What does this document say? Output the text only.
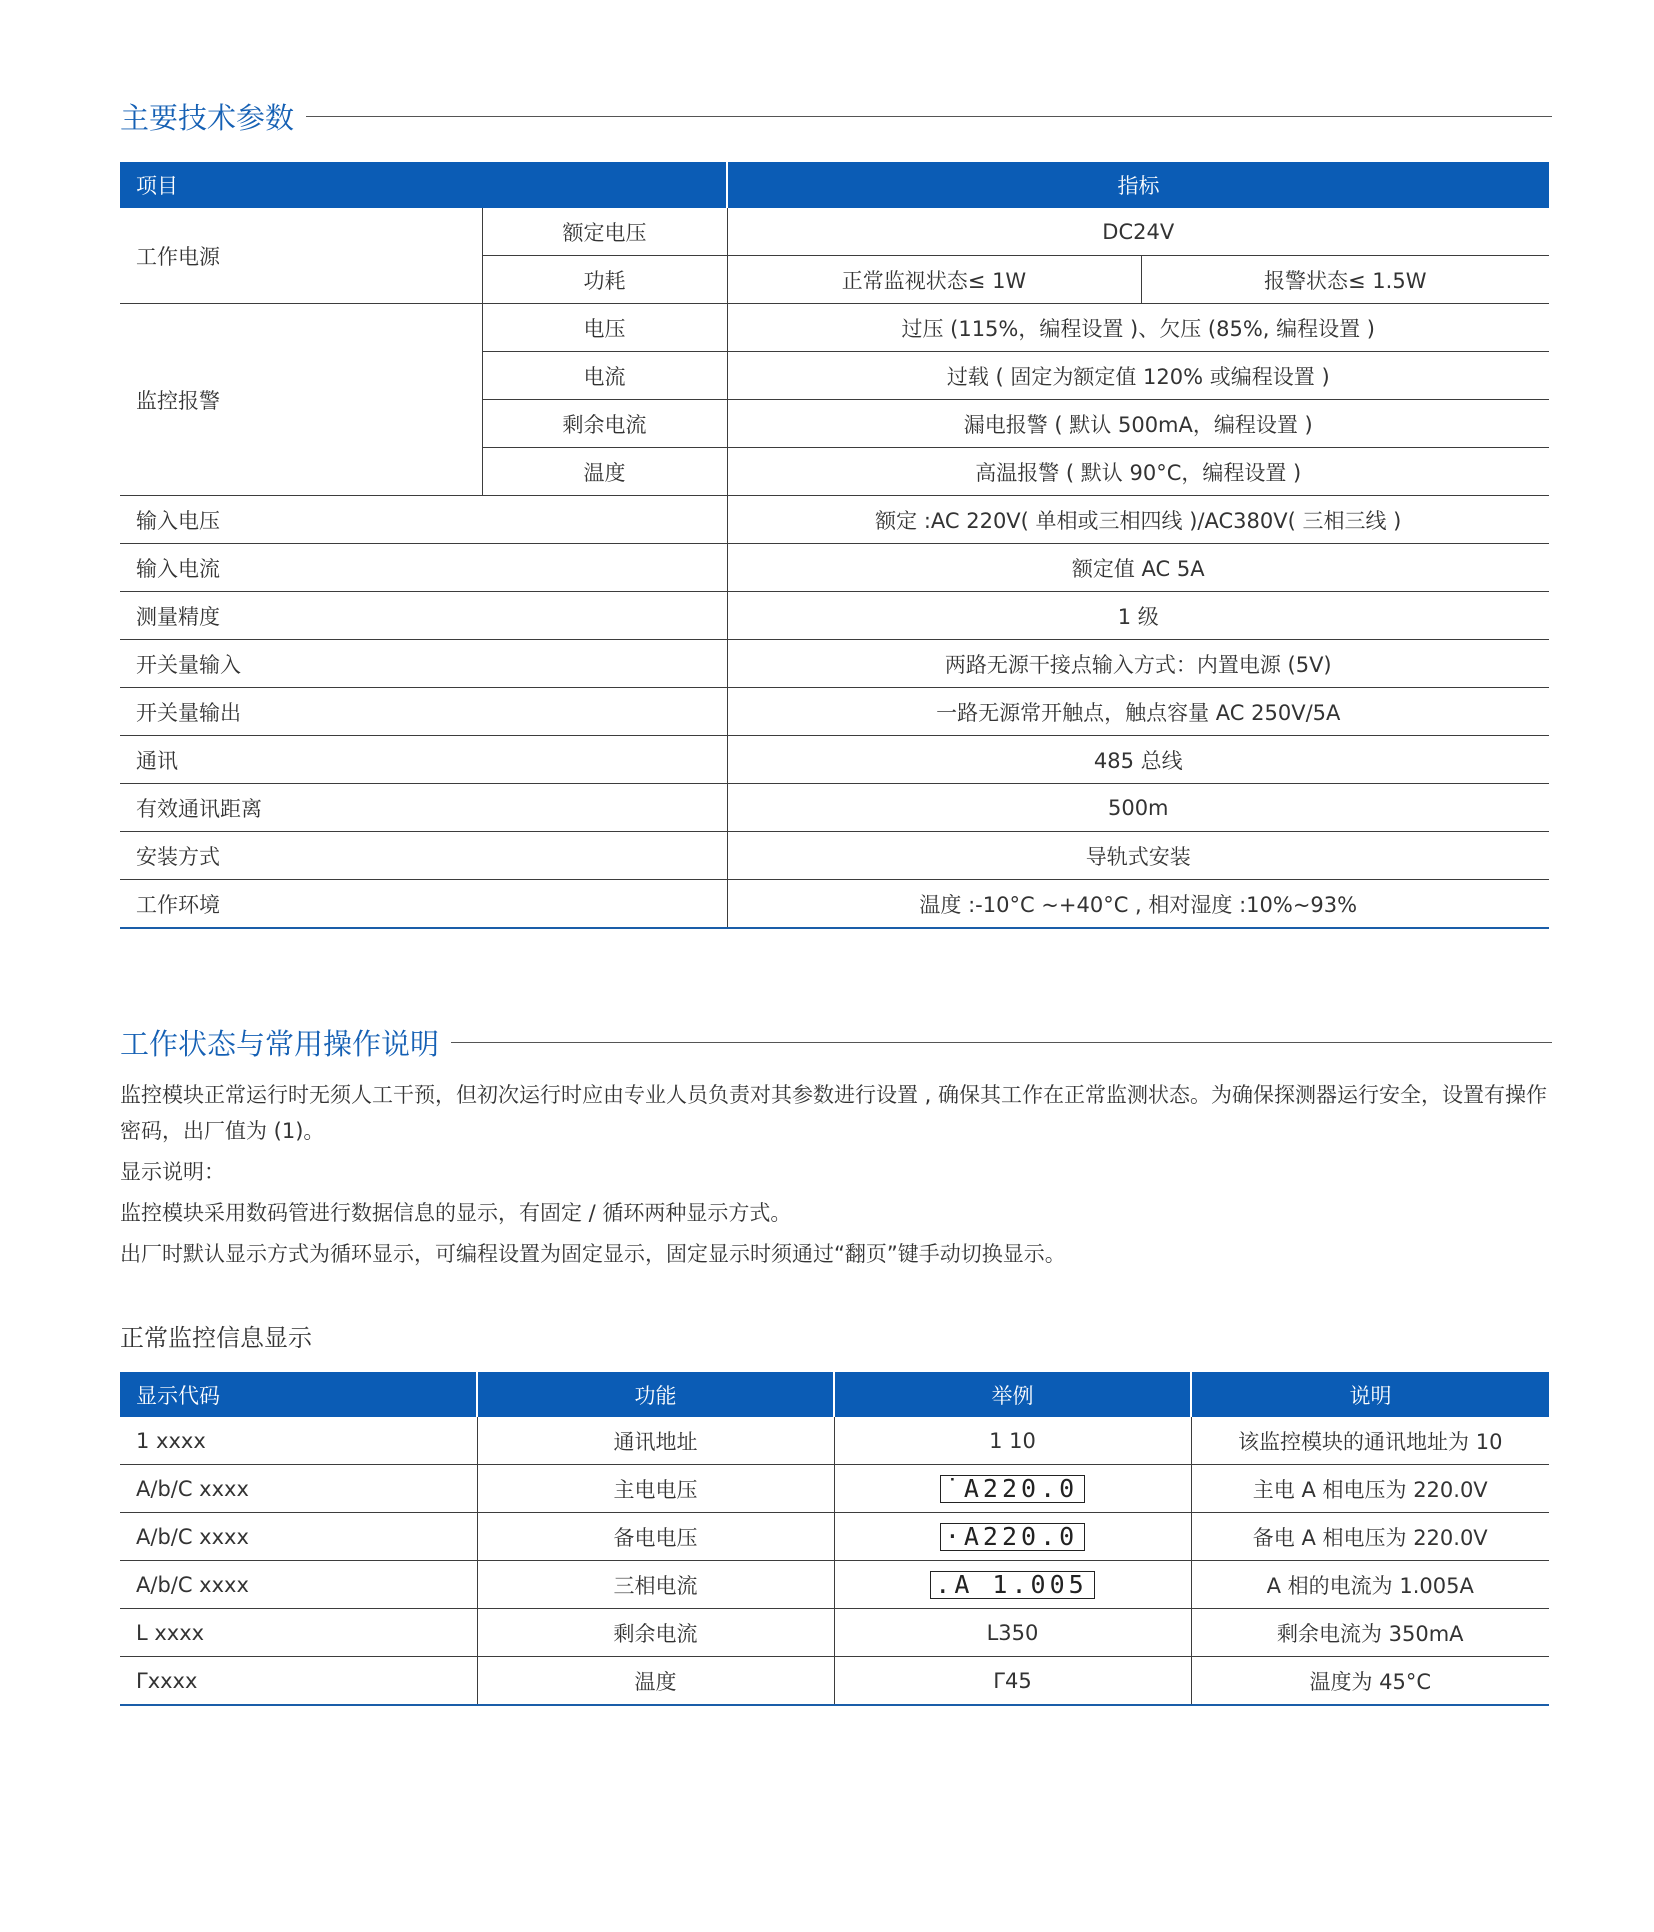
主要技术参数
项目		指标	
工作电源	额定电压	DC24V	
	功耗	正常监视状态≤ 1W	报警状态≤ 1.5W
监控报警	电压	过压 (115%，编程设置 )、欠压 (85%, 编程设置 )	
	电流	过载 ( 固定为额定值 120% 或编程设置 )	
	剩余电流	漏电报警 ( 默认 500mA，编程设置 )	
	温度	高温报警 ( 默认 90°C，编程设置 )	
输入电压		额定 :AC 220V( 单相或三相四线 )/AC380V( 三相三线 )	
输入电流		额定值 AC 5A	
测量精度		1 级	
开关量输入		两路无源干接点输入方式：内置电源 (5V)	
开关量输出		一路无源常开触点，触点容量 AC 250V/5A	
通讯		485 总线	
有效通讯距离		500m	
安装方式		导轨式安装	
工作环境		温度 :-10°C ~+40°C , 相对湿度 :10%~93%	
工作状态与常用操作说明

监控模块正常运行时无须人工干预，但初次运行时应由专业人员负责对其参数进行设置 , 确保其工作在正常监测状态。为确保探测器运行安全，设置有操作密码，出厂值为 (1)。

显示说明：

监控模块采用数码管进行数据信息的显示，有固定 / 循环两种显示方式。

出厂时默认显示方式为循环显示，可编程设置为固定显示，固定显示时须通过“翻页”键手动切换显示。

正常监控信息显示
显示代码	功能	举例	说明
1 xxxx	通讯地址	1 10	该监控模块的通讯地址为 10
A/b/C xxxx	主电电压	˙A220.0	主电 A 相电压为 220.0V
A/b/C xxxx	备电电压	·A220.0	备电 A 相电压为 220.0V
A/b/C xxxx	三相电流	.A 1.005	A 相的电流为 1.005A
L xxxx	剩余电流	L350	剩余电流为 350mA
Γxxxx	温度	Γ45	温度为 45°C
